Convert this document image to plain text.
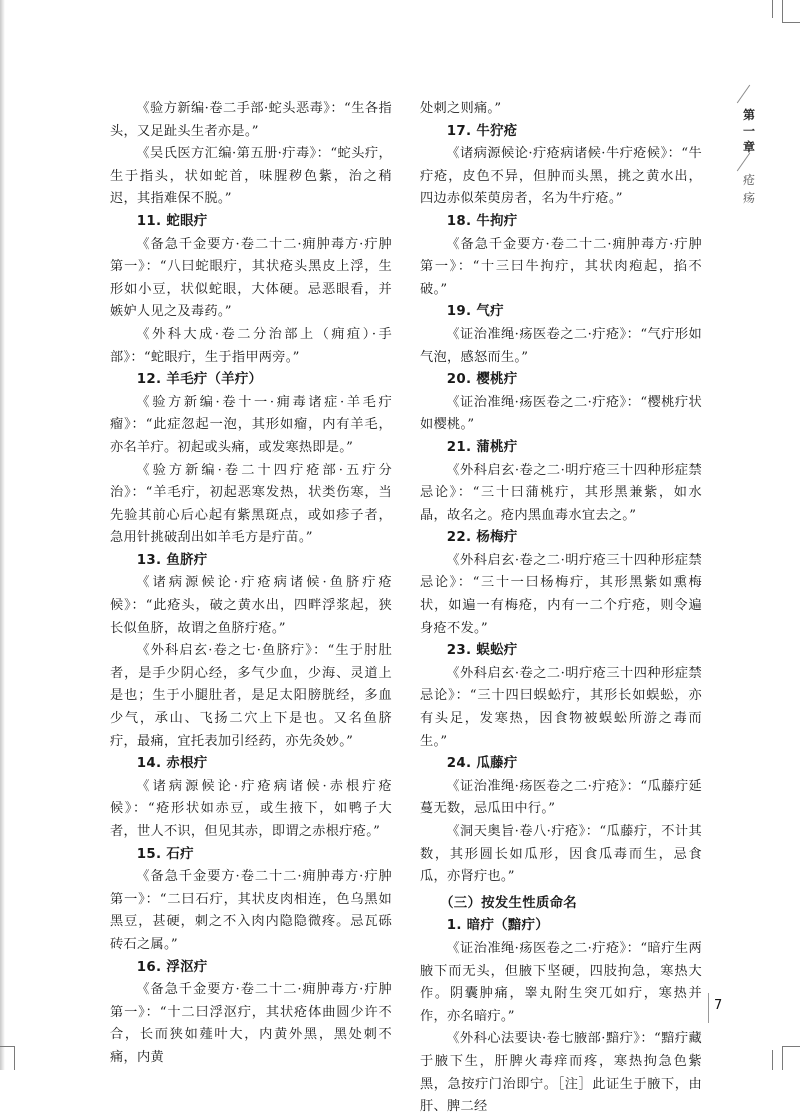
第一章
疮疡

《验方新编·卷二手部·蛇头恶毒》：“生各指头，又足趾头生者亦是。”

《吴氏医方汇编·第五册·疔毒》：“蛇头疔，生于指头，状如蛇首，味腥秽色紫，治之稍迟，其指难保不脱。”

11. 蛇眼疔

《备急千金要方·卷二十二·痈肿毒方·疔肿第一》：“八曰蛇眼疔，其状疮头黑皮上浮，生形如小豆，状似蛇眼，大体硬。忌恶眼看，并嫉妒人见之及毒药。”

《外科大成·卷二分治部上（痈疽）·手部》：“蛇眼疔，生于指甲两旁。”

12. 羊毛疔（羊疔）

《验方新编·卷十一·痈毒诸症·羊毛疔瘤》：“此症忽起一泡，其形如瘤，内有羊毛，亦名羊疔。初起或头痛，或发寒热即是。”

《验方新编·卷二十四疔疮部·五疔分治》：“羊毛疔，初起恶寒发热，状类伤寒，当先验其前心后心起有紫黑斑点，或如疹子者，急用针挑破刮出如羊毛方是疔苗。”

13. 鱼脐疔

《诸病源候论·疔疮病诸候·鱼脐疔疮候》：“此疮头，破之黄水出，四畔浮浆起，狭长似鱼脐，故谓之鱼脐疔疮。”

《外科启玄·卷之七·鱼脐疔》：“生于肘肚者，是手少阴心经，多气少血，少海、灵道上是也；生于小腿肚者，是足太阳膀胱经，多血少气，承山、飞扬二穴上下是也。又名鱼脐疔，最痛，宜托表加引经药，亦先灸妙。”

14. 赤根疔

《诸病源候论·疔疮病诸候·赤根疔疮候》：“疮形状如赤豆，或生掖下，如鸭子大者，世人不识，但见其赤，即谓之赤根疔疮。”

15. 石疔

《备急千金要方·卷二十二·痈肿毒方·疔肿第一》：“二曰石疔，其状皮肉相连，色乌黑如黑豆，甚硬，刺之不入肉内隐隐微疼。忌瓦砾砖石之属。”

16. 浮沤疔

《备急千金要方·卷二十二·痈肿毒方·疔肿第一》：“十二曰浮沤疔，其状疮体曲圆少许不合，长而狭如薤叶大，内黄外黑，黑处刺不痛，内黄

处刺之则痛。”

17. 牛狞疮

《诸病源候论·疔疮病诸候·牛疔疮候》：“牛疔疮，皮色不异，但肿而头黑，挑之黄水出，四边赤似茱萸房者，名为牛疔疮。”

18. 牛拘疔

《备急千金要方·卷二十二·痈肿毒方·疔肿第一》：“十三曰牛拘疔，其状肉疱起，掐不破。”

19. 气疔

《证治准绳·疡医卷之二·疔疮》：“气疔形如气泡，感怒而生。”

20. 樱桃疔

《证治准绳·疡医卷之二·疔疮》：“樱桃疔状如樱桃。”

21. 蒲桃疔

《外科启玄·卷之二·明疔疮三十四种形症禁忌论》：“三十曰蒲桃疔，其形黑兼紫，如水晶，故名之。疮内黑血毒水宜去之。”

22. 杨梅疔

《外科启玄·卷之二·明疔疮三十四种形症禁忌论》：“三十一曰杨梅疔，其形黑紫如熏梅状，如遍一有梅疮，内有一二个疔疮，则令遍身疮不发。”

23. 蜈蚣疔

《外科启玄·卷之二·明疔疮三十四种形症禁忌论》：“三十四曰蜈蚣疔，其形长如蜈蚣，亦有头足，发寒热，因食物被蜈蚣所游之毒而生。”

24. 瓜藤疔

《证治准绳·疡医卷之二·疔疮》：“瓜藤疔延蔓无数，忌瓜田中行。”

《洞天奥旨·卷八·疔疮》：“瓜藤疔，不计其数，其形圆长如瓜形，因食瓜毒而生，忌食瓜，亦肾疔也。”

（三）按发生性质命名
1. 暗疔（黯疔）

《证治准绳·疡医卷之二·疔疮》：“暗疔生两腋下而无头，但腋下坚硬，四肢拘急，寒热大作。阴囊肿痛，睾丸附生突兀如疔，寒热并作，亦名暗疔。”

《外科心法要诀·卷七腋部·黯疔》：“黯疔藏于腋下生，肝脾火毒痒而疼，寒热拘急色紫黑，急按疔门治即宁。［注］此证生于腋下，由肝、脾二经

7
